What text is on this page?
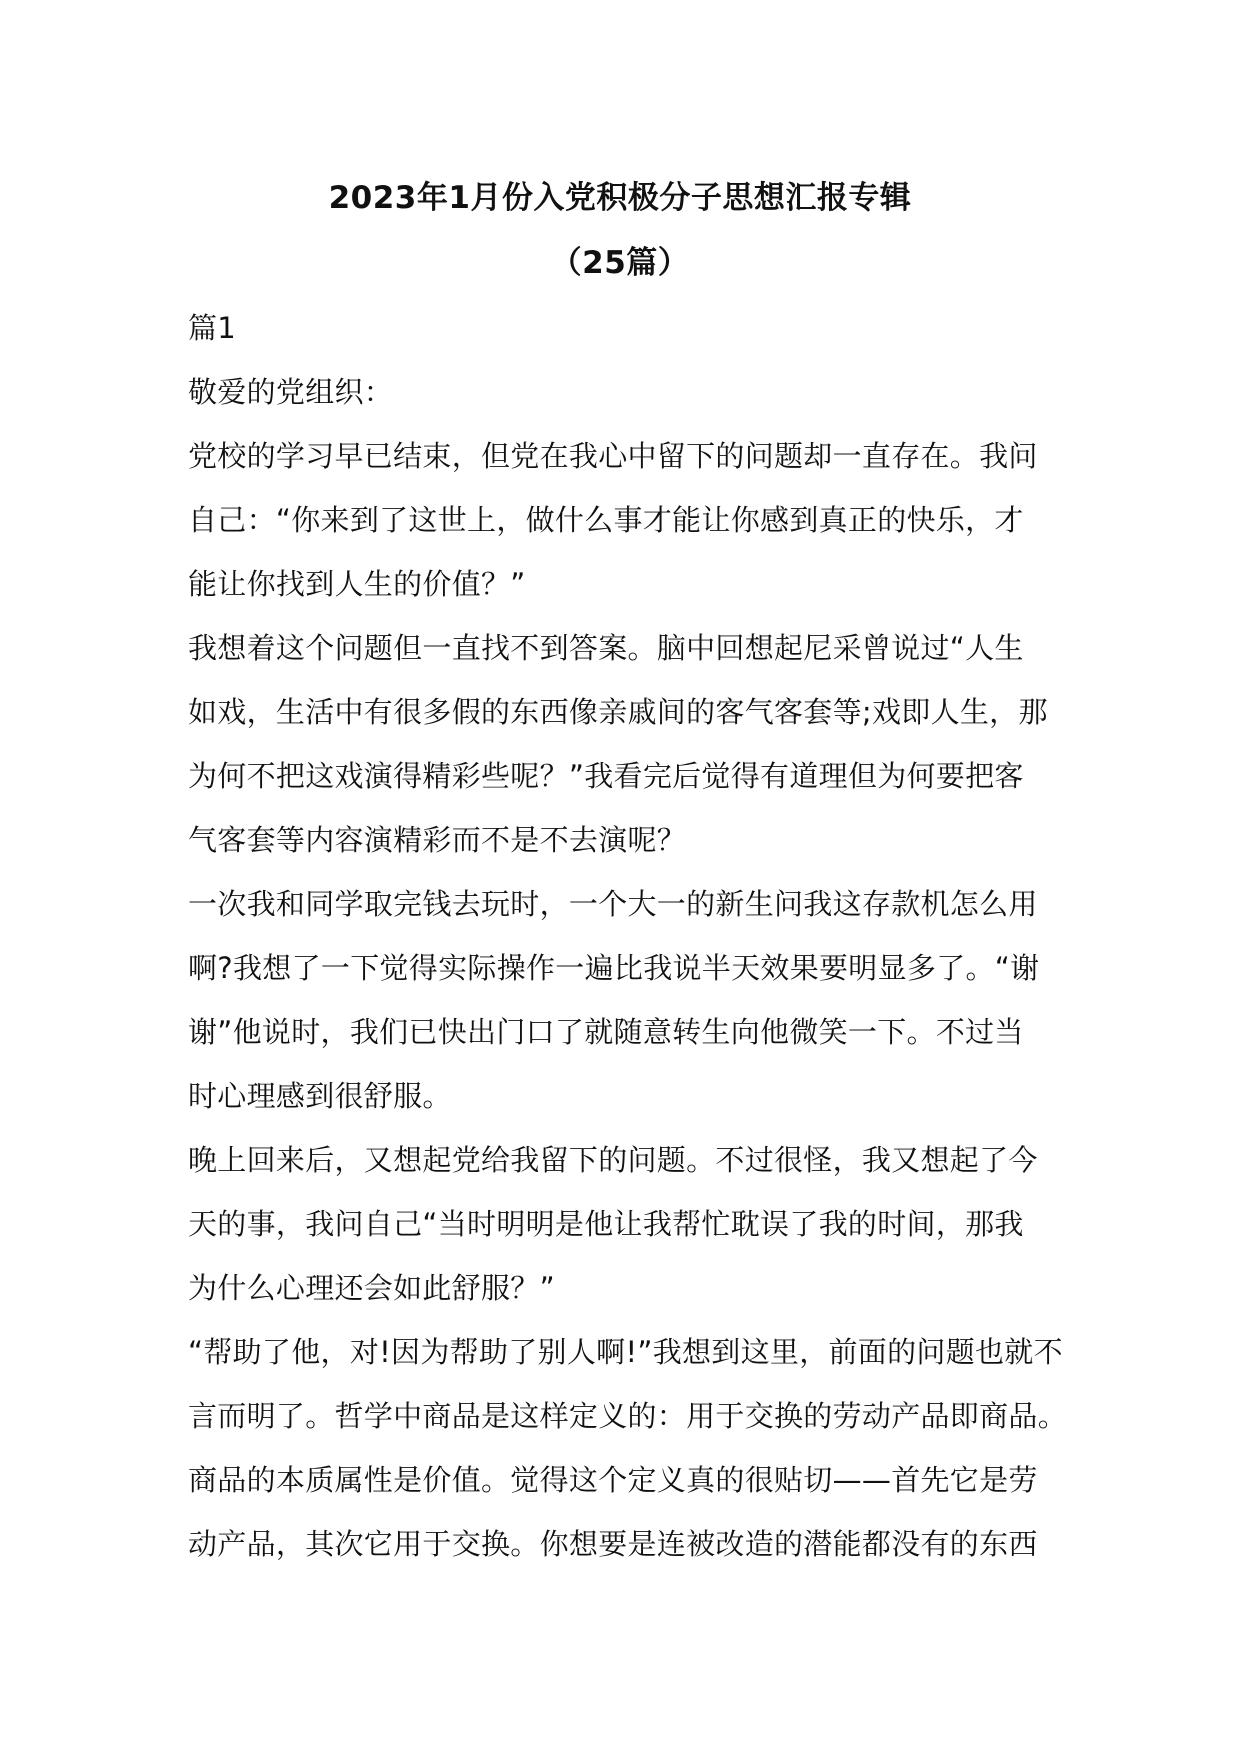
2023年1月份入党积极分子思想汇报专辑
（25篇）
篇1
敬爱的党组织：
党校的学习早已结束，但党在我心中留下的问题却一直存在。我问
自己：“你来到了这世上，做什么事才能让你感到真正的快乐，才
能让你找到人生的价值？”
我想着这个问题但一直找不到答案。脑中回想起尼采曾说过“人生
如戏，生活中有很多假的东西像亲戚间的客气客套等;戏即人生，那
为何不把这戏演得精彩些呢？”我看完后觉得有道理但为何要把客
气客套等内容演精彩而不是不去演呢？
一次我和同学取完钱去玩时，一个大一的新生问我这存款机怎么用
啊?我想了一下觉得实际操作一遍比我说半天效果要明显多了。“谢
谢”他说时，我们已快出门口了就随意转生向他微笑一下。不过当
时心理感到很舒服。
晚上回来后，又想起党给我留下的问题。不过很怪，我又想起了今
天的事，我问自己“当时明明是他让我帮忙耽误了我的时间，那我
为什么心理还会如此舒服？”
“帮助了他，对!因为帮助了别人啊!”我想到这里，前面的问题也就不
言而明了。哲学中商品是这样定义的：用于交换的劳动产品即商品。
商品的本质属性是价值。觉得这个定义真的很贴切——首先它是劳
动产品，其次它用于交换。你想要是连被改造的潜能都没有的东西
